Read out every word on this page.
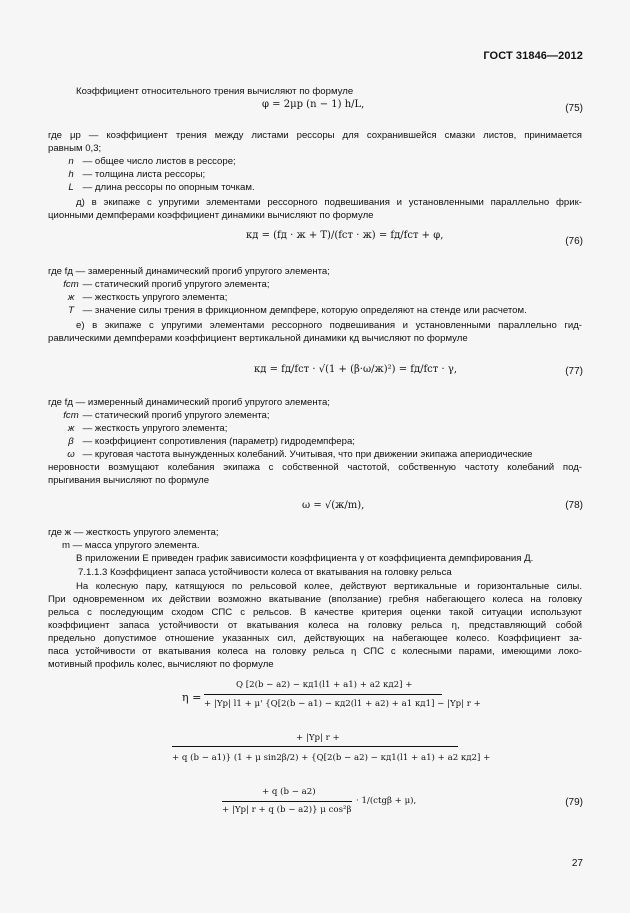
ГОСТ 31846—2012
Коэффициент относительного трения вычисляют по формуле
φ = 2μр (n − 1) h/L,	(75)
где μр — коэффициент трения между листами рессоры для сохранившейся смазки листов, принимается
равным 0,3;
n — общее число листов в рессоре;
h — толщина листа рессоры;
L — длина рессоры по опорным точкам.
д) в экипаже с упругими элементами рессорного подвешивания и установленными параллельно фрик-
ционными демпферами коэффициент динамики вычисляют по формуле
кд = (fд · ж + T)/(fст · ж) = fд/fст + φ,
(76)
где fд — замеренный динамический прогиб упругого элемента;
fст — статический прогиб упругого элемента;
ж — жесткость упругого элемента;
T — значение силы трения в фрикционном демпфере, которую определяют на стенде или расчетом.
е) в экипаже с упругими элементами рессорного подвешивания и установленными параллельно гид-
равлическими демпферами коэффициент вертикальной динамики кд вычисляют по формуле
кд = fд/fст · √(1 + (β·ω/ж)²) = fд/fст · γ,	(77)
где fд — измеренный динамический прогиб упругого элемента;
fст — статический прогиб упругого элемента;
ж — жесткость упругого элемента;
β — коэффициент сопротивления (параметр) гидродемпфера;
ω — круговая частота вынужденных колебаний. Учитывая, что при движении экипажа апериодические
неровности возмущают колебания экипажа с собственной частотой, собственную частоту колебаний под-
прыгивания вычисляют по формуле
ω = √(ж/m),	(78)
где ж — жесткость упругого элемента;
m — масса упругого элемента.
В приложении Е приведен график зависимости коэффициента γ от коэффициента демпфирования Д.
7.1.1.3 Коэффициент запаса устойчивости колеса от вкатывания на головку рельса
На колесную пару, катящуюся по рельсовой колее, действуют вертикальные и горизонтальные силы.
При одновременном их действии возможно вкатывание (вползание) гребня набегающего колеса на головку
рельса с последующим сходом СПС с рельсов. В качестве критерия оценки такой ситуации используют
коэффициент запаса устойчивости от вкатывания колеса на головку рельса η, представляющий собой
предельно допустимое отношение указанных сил, действующих на набегающее колесо. Коэффициент за-
паса устойчивости от вкатывания колеса на головку рельса η СПС с колесными парами, имеющими локо-
мотивный профиль колес, вычисляют по формуле
η =
Q [2(b − a2) − кд1(l1 + a1) + a2 кд2] +
+ |Yр| l1 + μ' {Q[2(b − a1) − кд2(l1 + a2) + a1 кд1] − |Yр| r +
+ |Yр| r +
+ q (b − a1)} (1 + μ sin2β/2) + {Q[2(b − a2) − кд1(l1 + a1) + a2 кд2] +
+ q (b − a2)
+ |Yр| r + q (b − a2)} μ cos²β
· 1/(ctgβ + μ),	(79)
27
